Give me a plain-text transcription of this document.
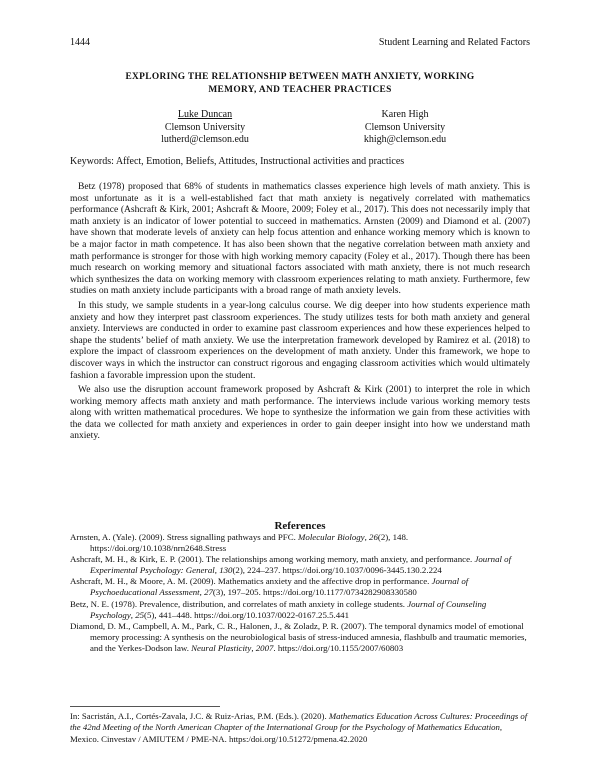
1444	Student Learning and Related Factors
EXPLORING THE RELATIONSHIP BETWEEN MATH ANXIETY, WORKING
MEMORY, AND TEACHER PRACTICES
Luke Duncan
Clemson University
lutherd@clemson.edu
Karen High
Clemson University
khigh@clemson.edu
Keywords: Affect, Emotion, Beliefs, Attitudes, Instructional activities and practices

Betz (1978) proposed that 68% of students in mathematics classes experience high levels of math anxiety. This is most unfortunate as it is a well-established fact that math anxiety is negatively correlated with mathematics performance (Ashcraft & Kirk, 2001; Ashcraft & Moore, 2009; Foley et al., 2017). This does not necessarily imply that math anxiety is an indicator of lower potential to succeed in mathematics. Arnsten (2009) and Diamond et al. (2007) have shown that moderate levels of anxiety can help focus attention and enhance working memory which is known to be a major factor in math competence. It has also been shown that the negative correlation between math anxiety and math performance is stronger for those with high working memory capacity (Foley et al., 2017). Though there has been much research on working memory and situational factors associated with math anxiety, there is not much research which synthesizes the data on working memory with classroom experiences relating to math anxiety. Furthermore, few studies on math anxiety include participants with a broad range of math anxiety levels.

In this study, we sample students in a year-long calculus course. We dig deeper into how students experience math anxiety and how they interpret past classroom experiences. The study utilizes tests for both math anxiety and general anxiety. Interviews are conducted in order to examine past classroom experiences and how these experiences helped to shape the students’ belief of math anxiety. We use the interpretation framework developed by Ramirez et al. (2018) to explore the impact of classroom experiences on the development of math anxiety. Under this framework, we hope to discover ways in which the instructor can construct rigorous and engaging classroom activities which would ultimately fashion a favorable impression upon the student.

We also use the disruption account framework proposed by Ashcraft & Kirk (2001) to interpret the role in which working memory affects math anxiety and math performance. The interviews include various working memory tests along with written mathematical procedures. We hope to synthesize the information we gain from these activities with the data we collected for math anxiety and experiences in order to gain deeper insight into how we understand math anxiety.

References

Arnsten, A. (Yale). (2009). Stress signalling pathways and PFC. Molecular Biology, 26(2), 148. https://doi.org/10.1038/nrn2648.Stress

Ashcraft, M. H., & Kirk, E. P. (2001). The relationships among working memory, math anxiety, and performance. Journal of Experimental Psychology: General, 130(2), 224–237. https://doi.org/10.1037/0096-3445.130.2.224

Ashcraft, M. H., & Moore, A. M. (2009). Mathematics anxiety and the affective drop in performance. Journal of Psychoeducational Assessment, 27(3), 197–205. https://doi.org/10.1177/0734282908330580

Betz, N. E. (1978). Prevalence, distribution, and correlates of math anxiety in college students. Journal of Counseling Psychology, 25(5), 441–448. https://doi.org/10.1037/0022-0167.25.5.441

Diamond, D. M., Campbell, A. M., Park, C. R., Halonen, J., & Zoladz, P. R. (2007). The temporal dynamics model of emotional memory processing: A synthesis on the neurobiological basis of stress-induced amnesia, flashbulb and traumatic memories, and the Yerkes-Dodson law. Neural Plasticity, 2007. https://doi.org/10.1155/2007/60803

In: Sacristán, A.I., Cortés-Zavala, J.C. & Ruiz-Arias, P.M. (Eds.). (2020). Mathematics Education Across Cultures: Proceedings of the 42nd Meeting of the North American Chapter of the International Group for the Psychology of Mathematics Education, Mexico. Cinvestav / AMIUTEM / PME-NA. https:/doi.org/10.51272/pmena.42.2020
